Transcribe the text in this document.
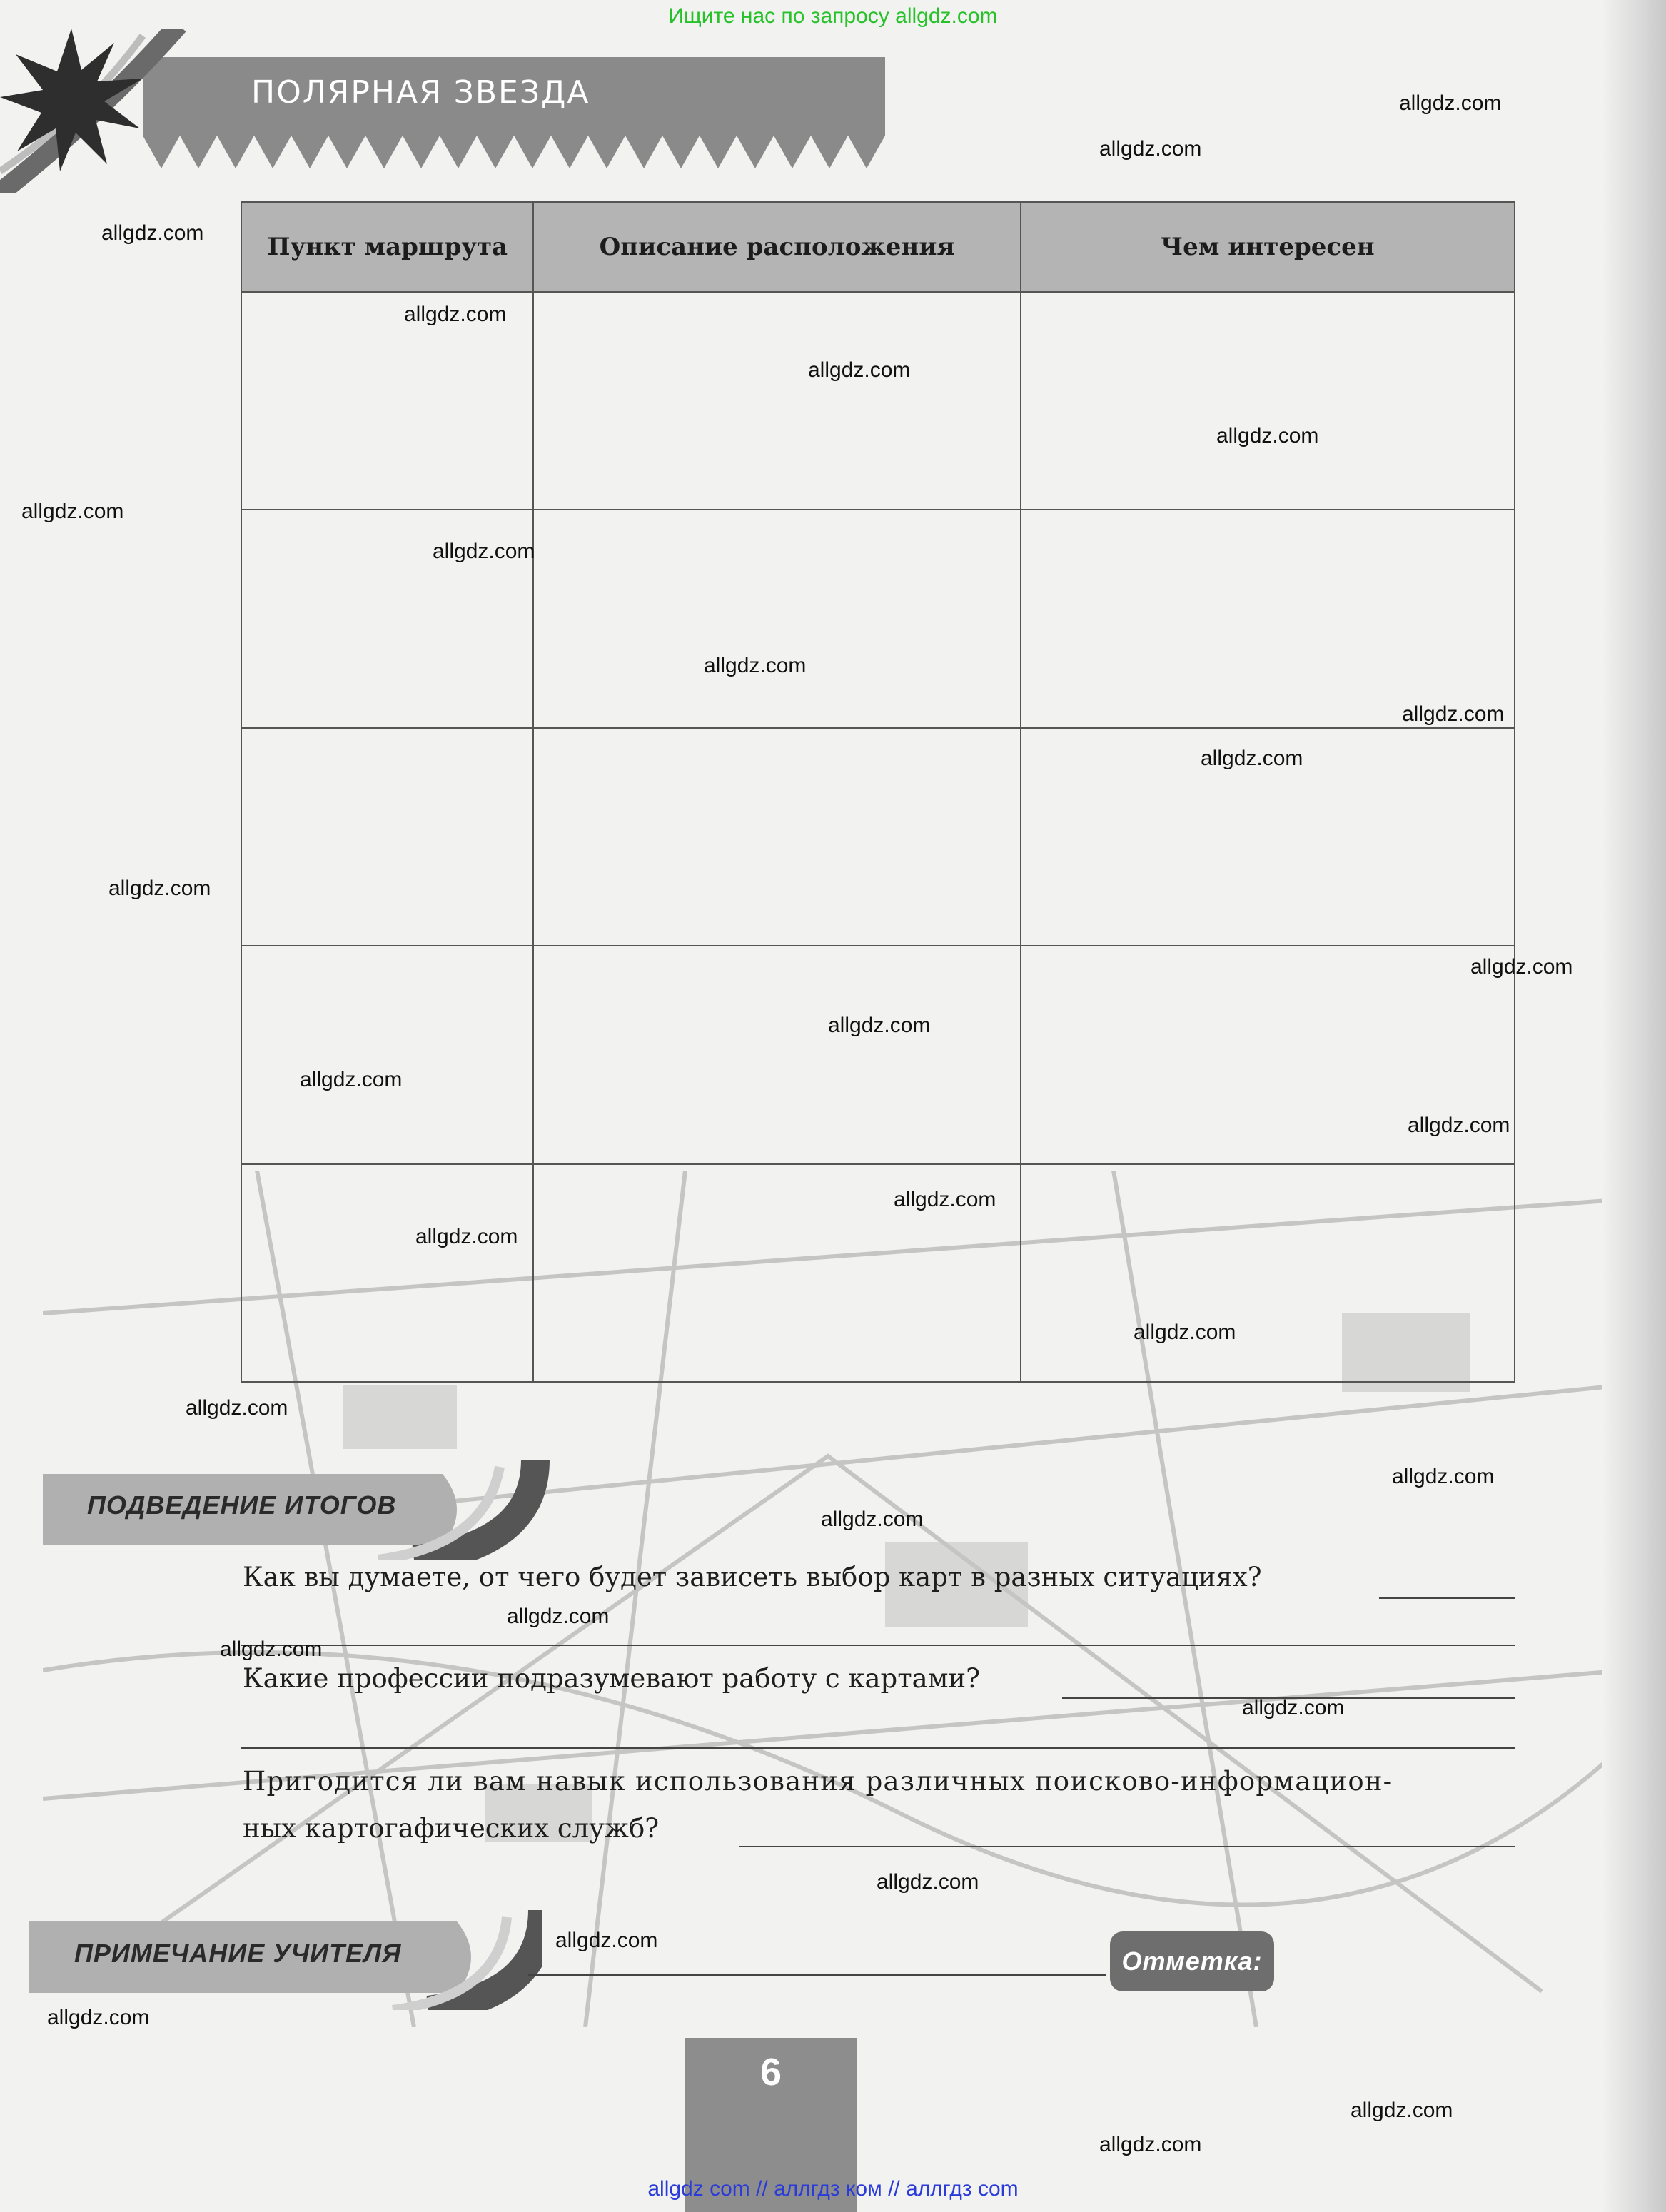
Ищите нас по запросу allgdz.com
ПОЛЯРНАЯ ЗВЕЗДА
Пункт маршрута	Описание расположения	Чем интересен

ПОДВЕДЕНИЕ ИТОГОВ
Как вы думаете, от чего будет зависеть выбор карт в разных ситуациях?
Какие профессии подразумевают работу с картами?
Пригодится ли вам навык использования различных поисково-информацион-
ных картогафических служб?
ПРИМЕЧАНИЕ УЧИТЕЛЯ	Отметка:
6
allgdz.com
allgdz.com
allgdz.com
allgdz.com
allgdz.com
allgdz.com
allgdz.com
allgdz.com
allgdz.com
allgdz.com
allgdz.com
allgdz.com
allgdz.com
allgdz.com
allgdz.com
allgdz.com
allgdz.com
allgdz.com
allgdz.com
allgdz.com
allgdz.com
allgdz.com
allgdz.com
allgdz.com
allgdz.com
allgdz.com
allgdz.com
allgdz.com
allgdz.com
allgdz.com
allgdz com // аллгдз ком // аллгдз com
